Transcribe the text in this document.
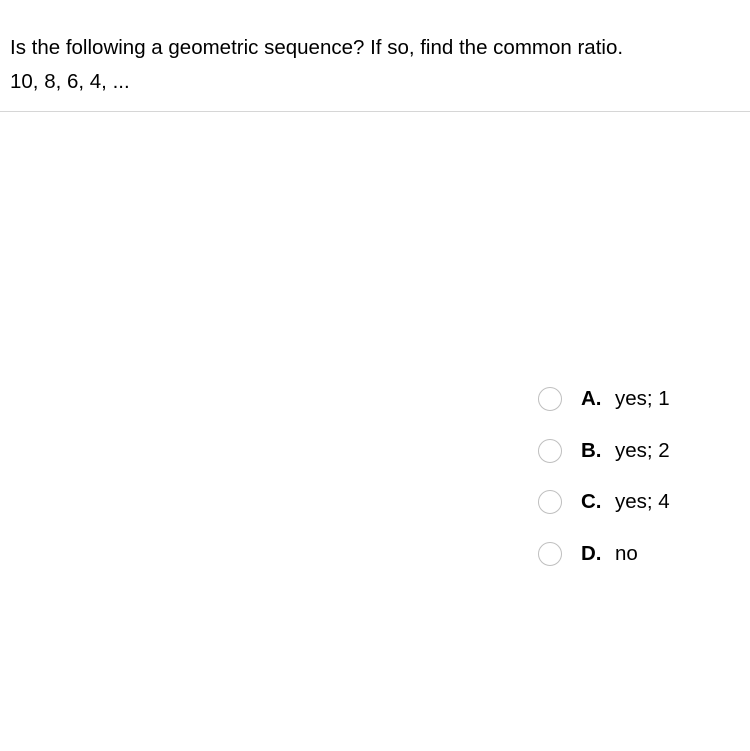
Is the following a geometric sequence? If so, find the common ratio.
10, 8, 6, 4, ...
A. yes; 1
B. yes; 2
C. yes; 4
D. no
